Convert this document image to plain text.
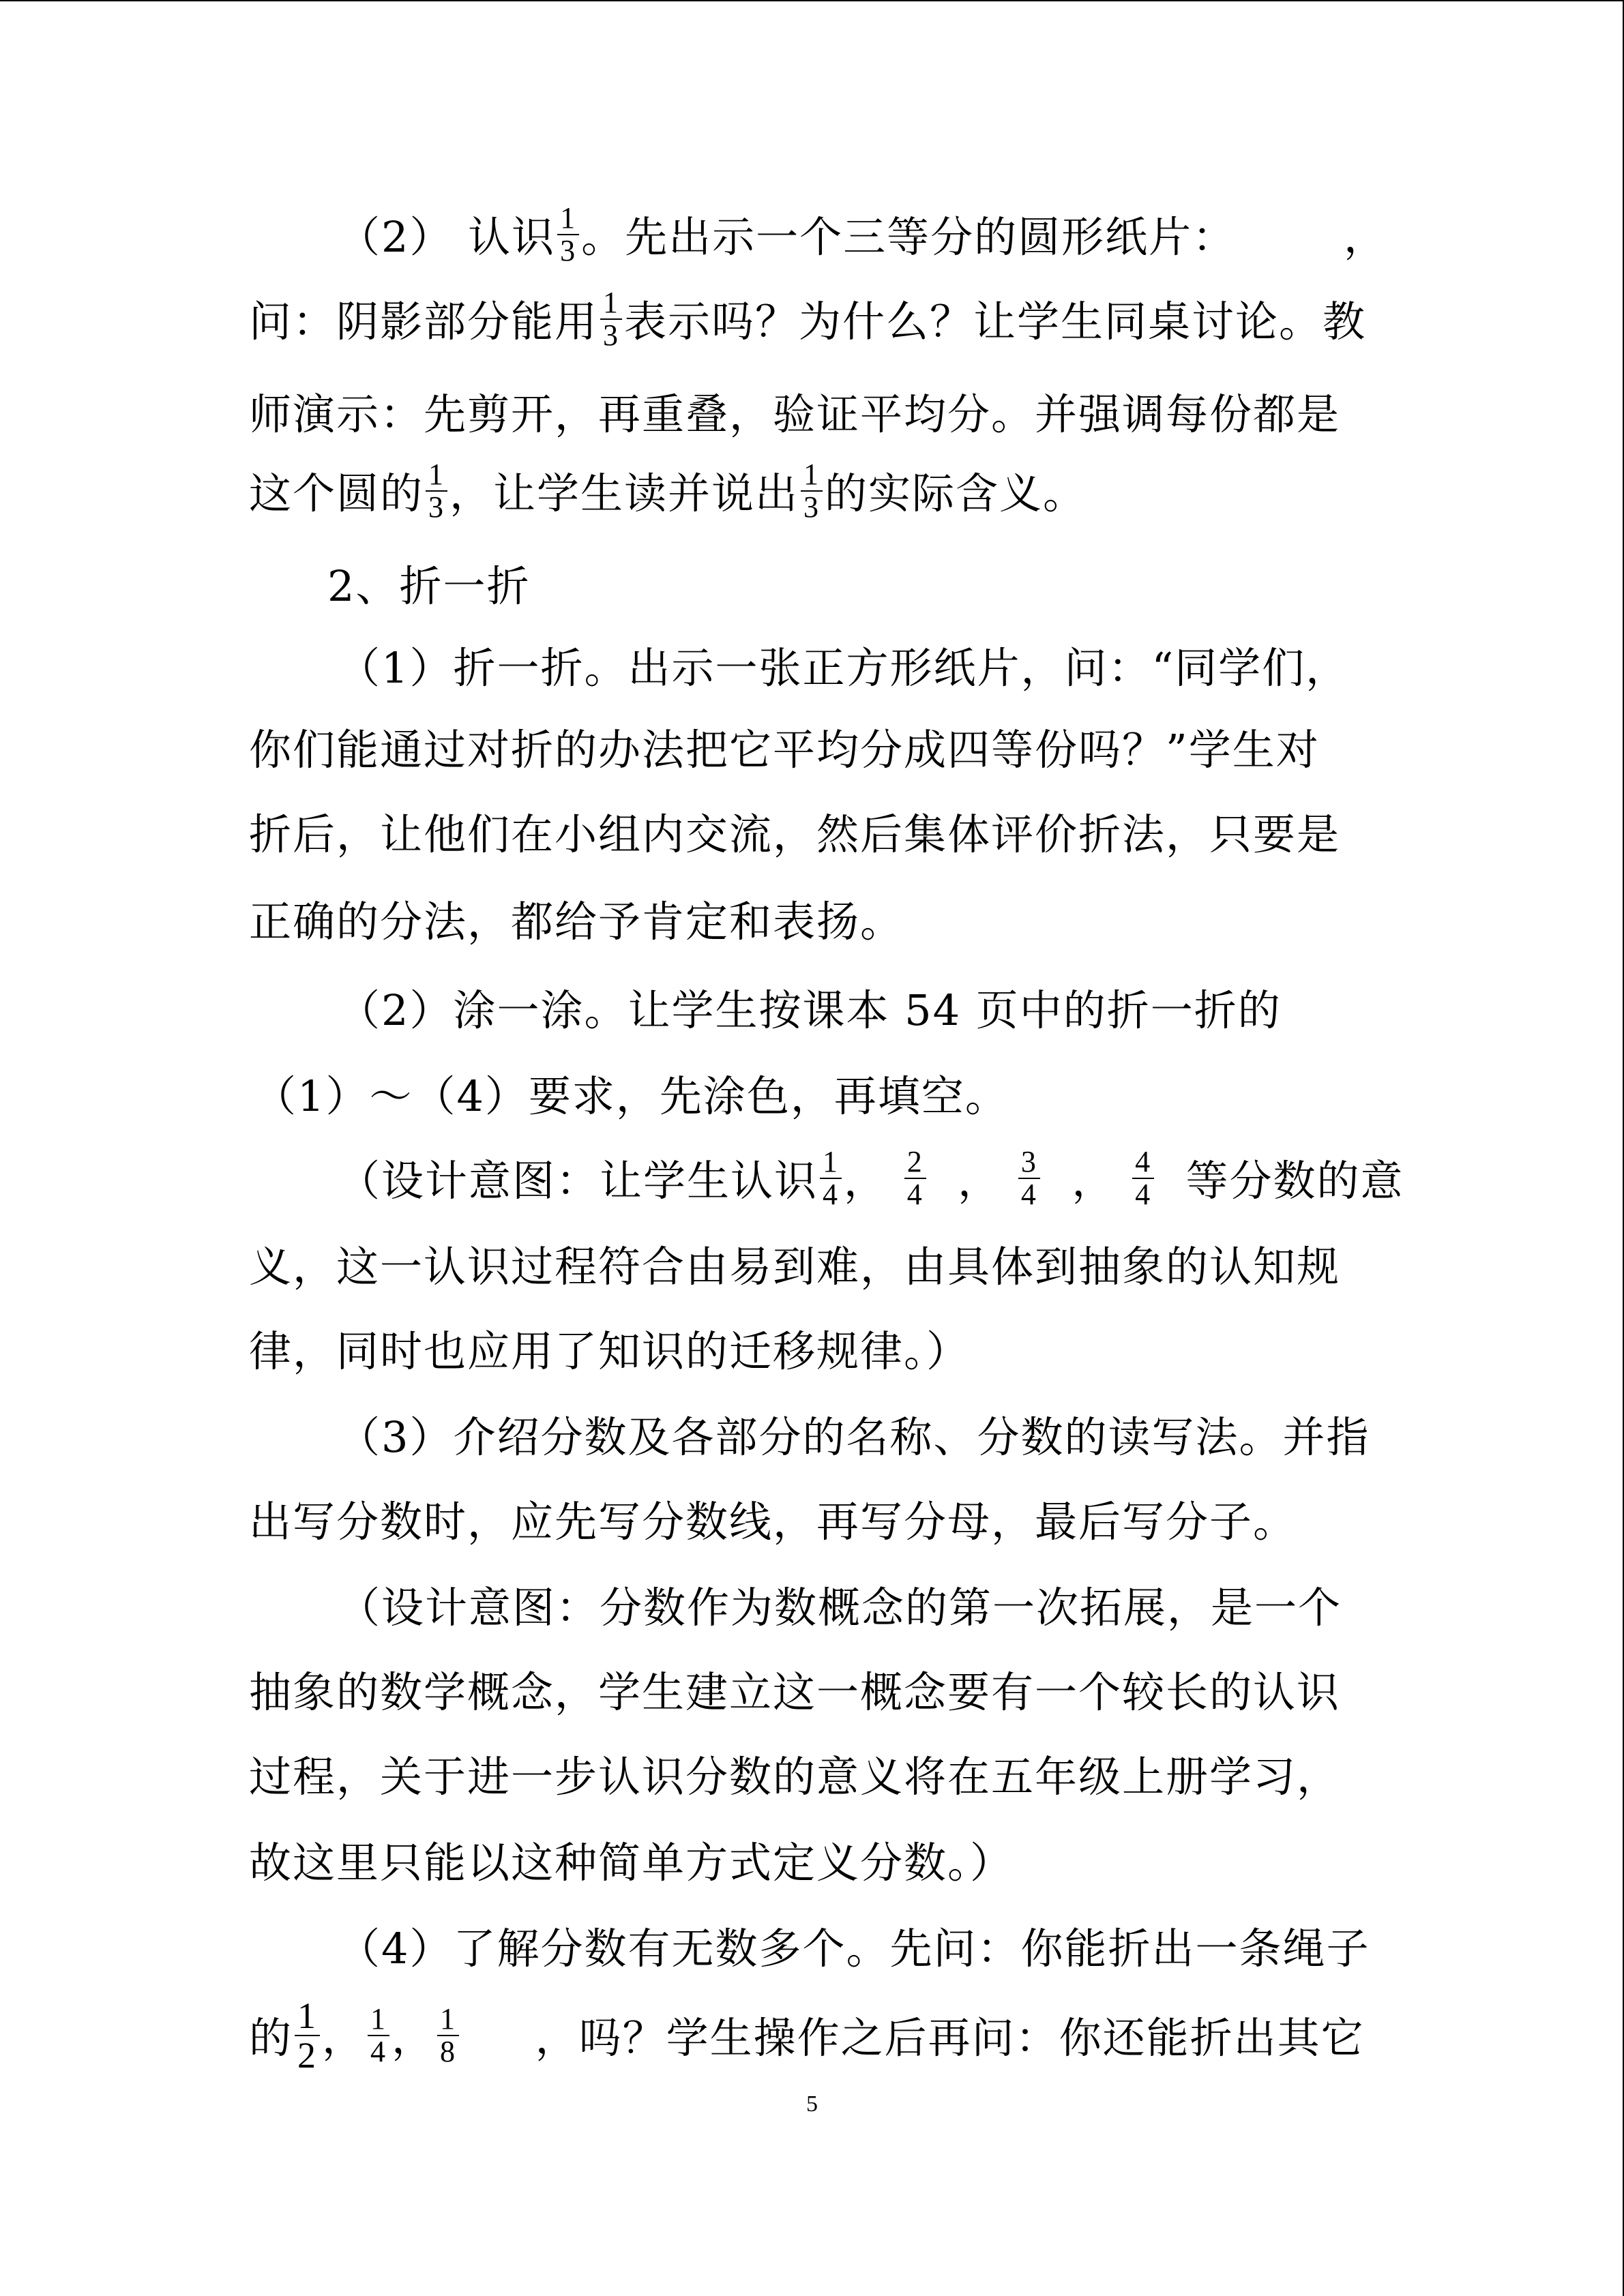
（2） 认识 $\frac{1}{3}$ 。先出示一个三等分的圆形纸片：	，
问：阴影部分能用 $\frac{1}{3}$ 表示吗？为什么？让学生同桌讨论。教
师演示：先剪开，再重叠，验证平均分。并强调每份都是
这个圆的 $\frac{1}{3}$ ，让学生读并说出 $\frac{1}{3}$ 的实际含义。
2、折一折
（1）折一折。出示一张正方形纸片，问：“同学们，
你们能通过对折的办法把它平均分成四等份吗？”学生对
折后，让他们在小组内交流，然后集体评价折法，只要是
正确的分法，都给予肯定和表扬。
（2）涂一涂。让学生按课本 54 页中的折一折的
（1）～（4）要求，先涂色，再填空。
（设计意图：让学生认识 $\frac{1}{4}$ ， $\frac{2}{4}$ ， $\frac{3}{4}$ ， $\frac{4}{4}$ 等分数的意
义，这一认识过程符合由易到难，由具体到抽象的认知规
律，同时也应用了知识的迁移规律。）
（3）介绍分数及各部分的名称、分数的读写法。并指
出写分数时，应先写分数线，再写分母，最后写分子。
（设计意图：分数作为数概念的第一次拓展，是一个
抽象的数学概念，学生建立这一概念要有一个较长的认识
过程，关于进一步认识分数的意义将在五年级上册学习，
故这里只能以这种简单方式定义分数。）
（4）了解分数有无数多个。先问：你能折出一条绳子
的 $\frac{1}{2}$ ， $\frac{1}{4}$ ， $\frac{1}{8}$ ，吗？学生操作之后再问：你还能折出其它
5
